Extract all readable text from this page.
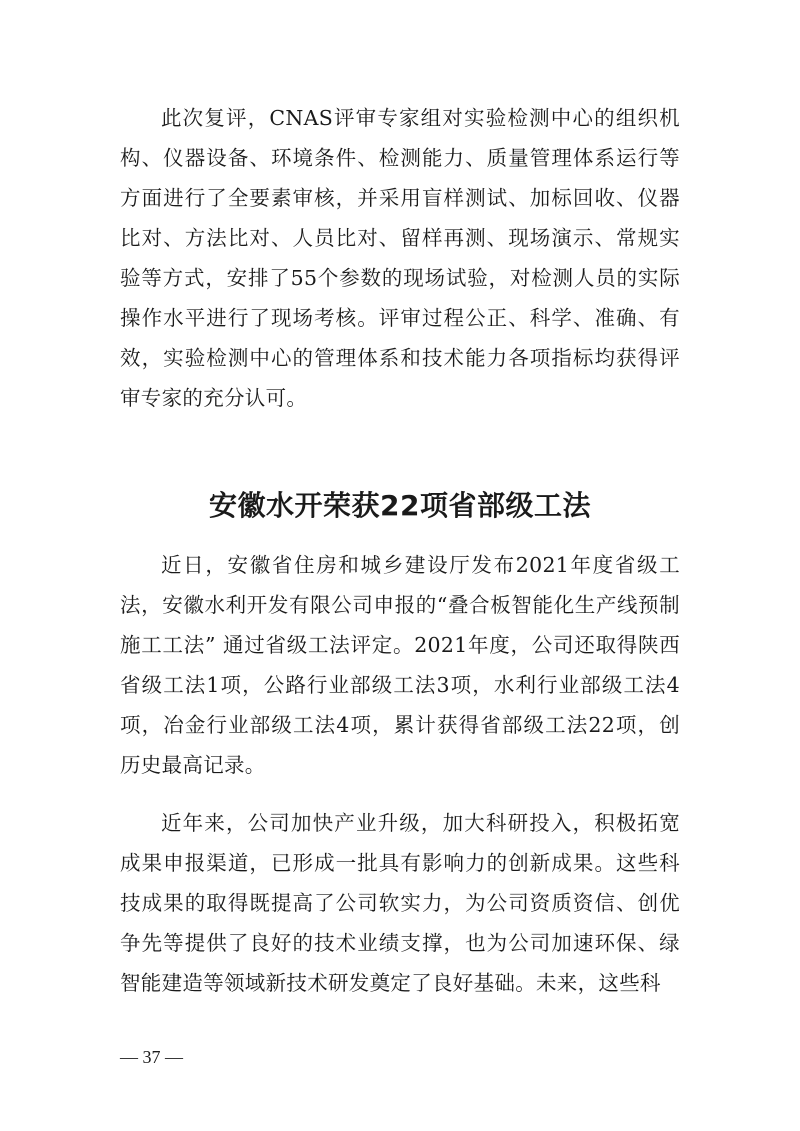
此次复评，CNAS评审专家组对实验检测中心的组织机构、仪器设备、环境条件、检测能力、质量管理体系运行等方面进行了全要素审核，并采用盲样测试、加标回收、仪器比对、方法比对、人员比对、留样再测、现场演示、常规实验等方式，安排了55个参数的现场试验，对检测人员的实际操作水平进行了现场考核。评审过程公正、科学、准确、有效，实验检测中心的管理体系和技术能力各项指标均获得评审专家的充分认可。

安徽水开荣获22项省部级工法

近日，安徽省住房和城乡建设厅发布2021年度省级工法，安徽水利开发有限公司申报的“叠合板智能化生产线预制施工工法” 通过省级工法评定。2021年度，公司还取得陕西省级工法1项，公路行业部级工法3项，水利行业部级工法4项，冶金行业部级工法4项，累计获得省部级工法22项，创历史最高记录。

近年来，公司加快产业升级，加大科研投入，积极拓宽成果申报渠道，已形成一批具有影响力的创新成果。这些科技成果的取得既提高了公司软实力，为公司资质资信、创优争先等提供了良好的技术业绩支撑，也为公司加速环保、绿智能建造等领域新技术研发奠定了良好基础。未来，这些科

— 37 —
